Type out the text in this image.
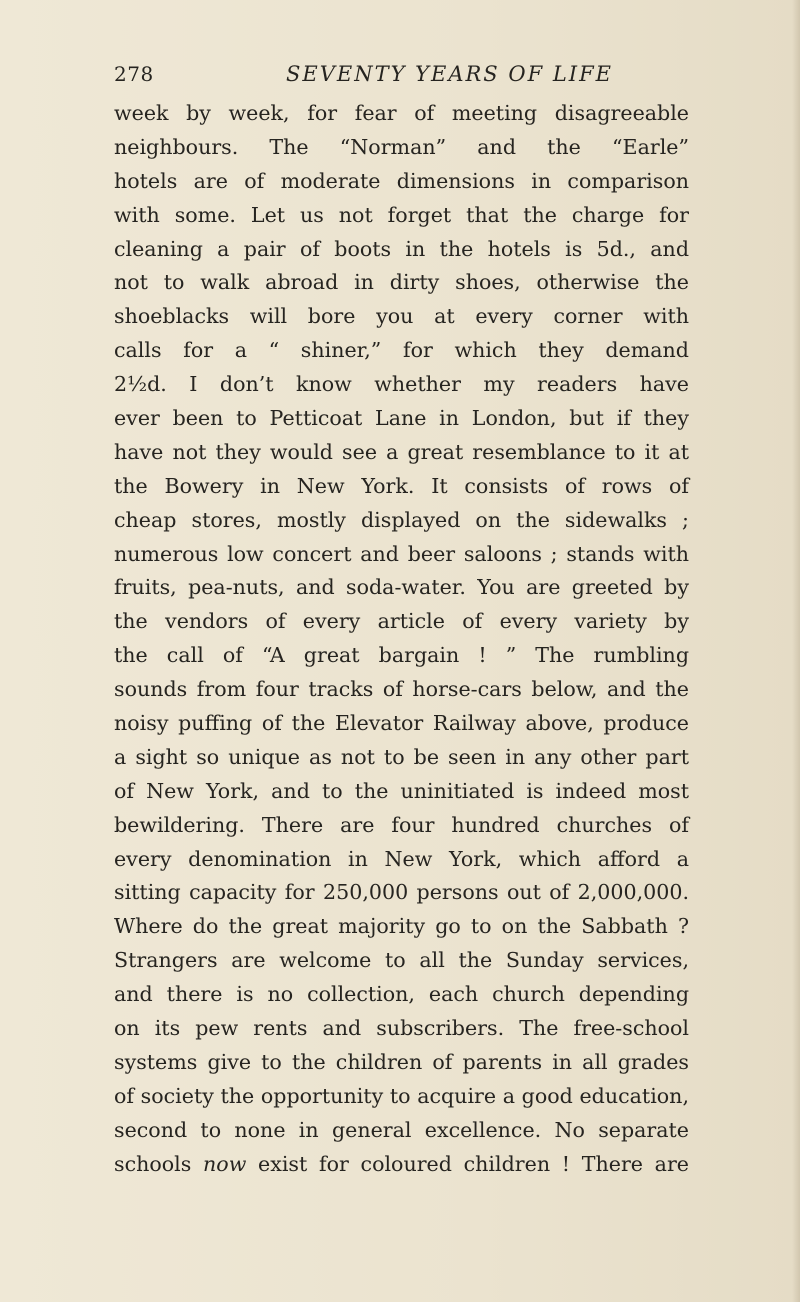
278	SEVENTY YEARS OF LIFE
week by week, for fear of meeting disagreeable
neighbours. The “Norman” and the “Earle”
hotels are of moderate dimensions in comparison
with some. Let us not forget that the charge for
cleaning a pair of boots in the hotels is 5d., and
not to walk abroad in dirty shoes, otherwise the
shoeblacks will bore you at every corner with
calls for a “ shiner,” for which they demand
2½d. I don’t know whether my readers have
ever been to Petticoat Lane in London, but if they
have not they would see a great resemblance to it at
the Bowery in New York. It consists of rows of
cheap stores, mostly displayed on the sidewalks ;
numerous low concert and beer saloons ; stands with
fruits, pea-nuts, and soda-water. You are greeted by
the vendors of every article of every variety by
the call of “A great bargain ! ” The rumbling
sounds from four tracks of horse-cars below, and the
noisy puffing of the Elevator Railway above, produce
a sight so unique as not to be seen in any other part
of New York, and to the uninitiated is indeed most
bewildering. There are four hundred churches of
every denomination in New York, which afford a
sitting capacity for 250,000 persons out of 2,000,000.
Where do the great majority go to on the Sabbath ?
Strangers are welcome to all the Sunday services,
and there is no collection, each church depending
on its pew rents and subscribers. The free-school
systems give to the children of parents in all grades
of society the opportunity to acquire a good education,
second to none in general excellence. No separate
schools now exist for coloured children ! There are
